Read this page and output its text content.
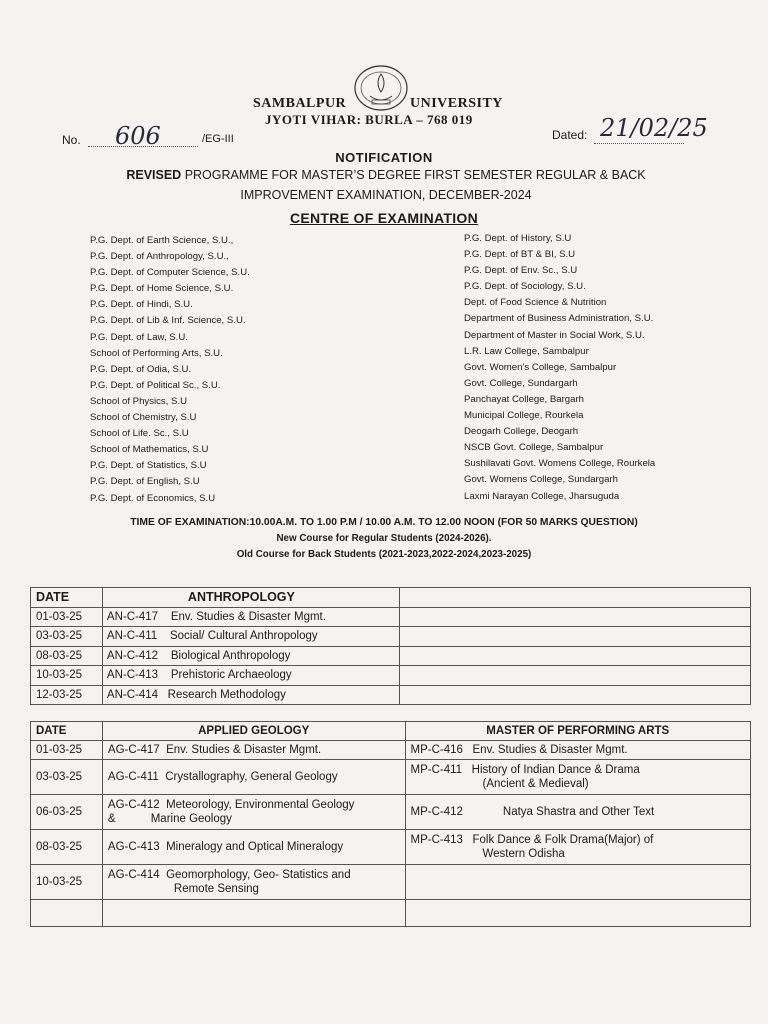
SAMBALPUR	UNIVERSITY
JYOTI VIHAR: BURLA – 768 019
No. 606	/EG-III	Dated: 21/02/25
NOTIFICATION
REVISED PROGRAMME FOR MASTER’S DEGREE FIRST SEMESTER REGULAR & BACK
IMPROVEMENT EXAMINATION, DECEMBER-2024
CENTRE OF EXAMINATION
P.G. Dept. of Earth Science, S.U.,
P.G. Dept. of Anthropology, S.U.,
P.G. Dept. of Computer Science, S.U.
P.G. Dept. of Home Science, S.U.
P.G. Dept. of Hindi, S.U.
P.G. Dept. of Lib & Inf. Science, S.U.
P.G. Dept. of Law, S.U.
School of Performing Arts, S.U.
P.G. Dept. of Odia, S.U.
P.G. Dept. of Political Sc., S.U.
School of Physics, S.U
School of Chemistry, S.U
School of Life. Sc., S.U
School of Mathematics, S.U
P.G. Dept. of Statistics, S.U
P.G. Dept. of English, S.U
P.G. Dept. of Economics, S.U
P.G. Dept. of History, S.U
P.G. Dept. of BT & BI, S.U
P.G. Dept. of Env. Sc., S.U
P.G. Dept. of Sociology, S.U.
Dept. of Food Science & Nutrition
Department of Business Administration, S.U.
Department of Master in Social Work, S.U.
L.R. Law College, Sambalpur
Govt. Women’s College, Sambalpur
Govt. College, Sundargarh
Panchayat College, Bargarh
Municipal College, Rourkela
Deogarh College, Deogarh
NSCB Govt. College, Sambalpur
Sushilavati Govt. Womens College, Rourkela
Govt. Womens College, Sundargarh
Laxmi Narayan College, Jharsuguda
TIME OF EXAMINATION:10.00A.M. TO 1.00 P.M / 10.00 A.M. TO 12.00 NOON (FOR 50 MARKS QUESTION)
New Course for Regular Students (2024-2026).
Old Course for Back Students (2021-2023,2022-2024,2023-2025)
DATE	ANTHROPOLOGY	
01-03-25	AN-C-417 Env. Studies & Disaster Mgmt.	
03-03-25	AN-C-411 Social/ Cultural Anthropology	
08-03-25	AN-C-412 Biological Anthropology	
10-03-25	AN-C-413 Prehistoric Archaeology	
12-03-25	AN-C-414 Research Methodology	
DATE	APPLIED GEOLOGY	MASTER OF PERFORMING ARTS
01-03-25	AG-C-417 Env. Studies & Disaster Mgmt.	MP-C-416 Env. Studies & Disaster Mgmt.
03-03-25	AG-C-411 Crystallography, General Geology	MP-C-411 History of Indian Dance & Drama
(Ancient & Medieval)

06-03-25	AG-C-412 Meteorology, Environmental Geology
&           Marine Geology	MP-C-412 Natya Shastra and Other Text
08-03-25	AG-C-413 Mineralogy and Optical Mineralogy	MP-C-413 Folk Dance & Folk Drama(Major) of
Western Odisha

10-03-25	AG-C-414 Geomorphology, Geo- Statistics and
Remote Sensing	
